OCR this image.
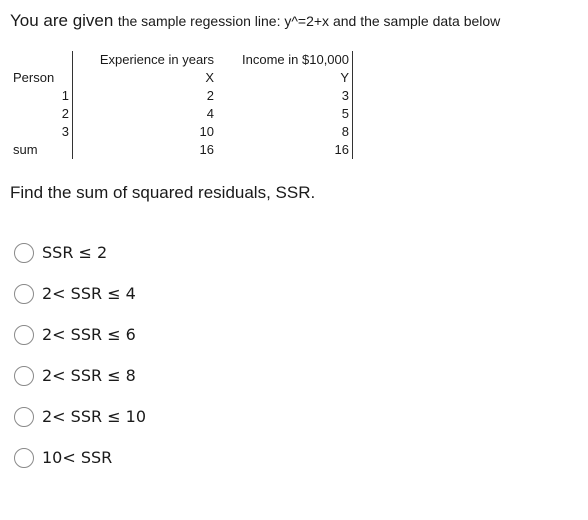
You are given the sample regession line: y^=2+x and the sample data below
	Experience in years	Income in $10,000
Person	X	Y
1	2	3
2	4	5
3	10	8
sum	16	16
Find the sum of squared residuals, SSR.
SSR ≤ 2
2< SSR ≤ 4
2< SSR ≤ 6
2< SSR ≤ 8
2< SSR ≤ 10
10< SSR
